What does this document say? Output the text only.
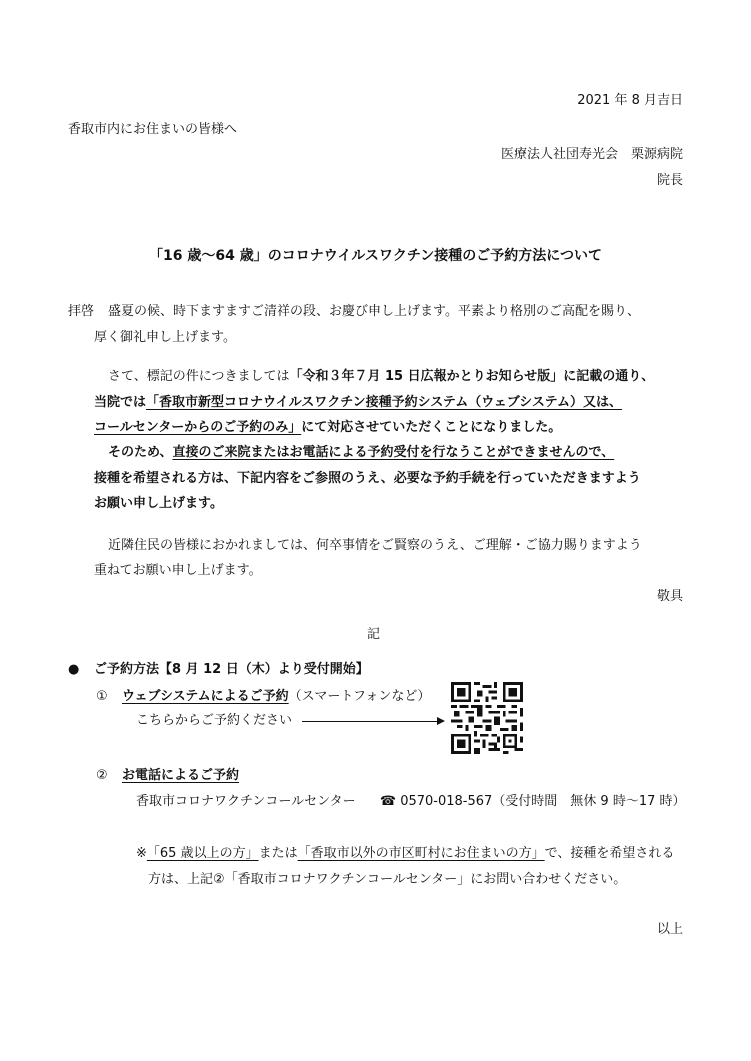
2021 年 8 月吉日
香取市内にお住まいの皆様へ
医療法人社団寿光会　栗源病院
院長
「16 歳～64 歳」のコロナウイルスワクチン接種のご予約方法について
拝啓 盛夏の候、時下ますますご清祥の段、お慶び申し上げます。平素より格別のご高配を賜り、
厚く御礼申し上げます。
さて、標記の件につきましては「令和３年７月 15 日広報かとりお知らせ版」に記載の通り、
当院では「香取市新型コロナウイルスワクチン接種予約システム（ウェブシステム）又は、
コールセンターからのご予約のみ」にて対応させていただくことになりました。
そのため、直接のご来院またはお電話による予約受付を行なうことができませんので、
接種を希望される方は、下記内容をご参照のうえ、必要な予約手続を行っていただきますよう
お願い申し上げます。
近隣住民の皆様におかれましては、何卒事情をご賢察のうえ、ご理解・ご協力賜りますよう
重ねてお願い申し上げます。
敬具
記
● ご予約方法【8 月 12 日（木）より受付開始】
① ウェブシステムによるご予約（スマートフォンなど）
こちらからご予約ください
② お電話によるご予約
香取市コロナワクチンコールセンター ☎ 0570-018-567（受付時間　無休 9 時～17 時）
※「65 歳以上の方」または「香取市以外の市区町村にお住まいの方」で、接種を希望される
方は、上記②「香取市コロナワクチンコールセンター」にお問い合わせください。
以上
